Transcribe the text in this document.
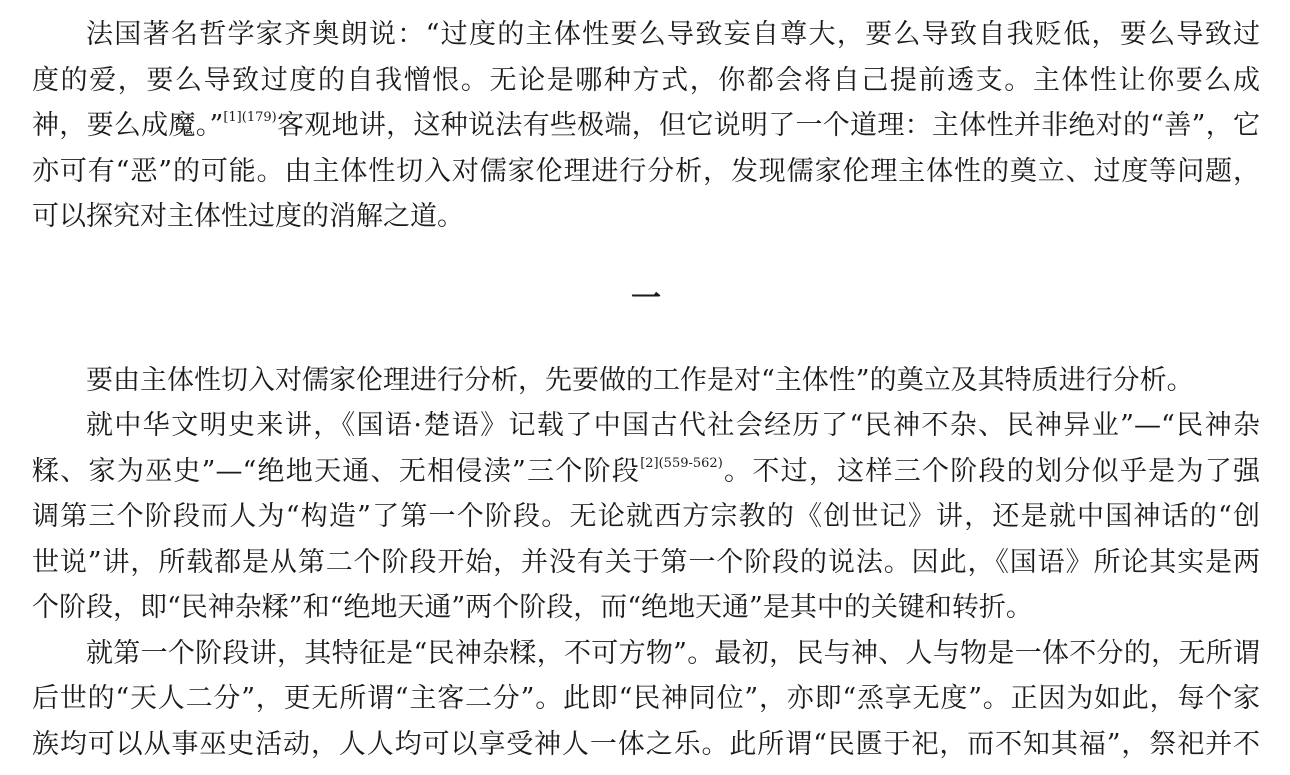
法国著名哲学家齐奥朗说：“过度的主体性要么导致妄自尊大，要么导致自我贬低，要么导致过
度的爱，要么导致过度的自我憎恨。无论是哪种方式，你都会将自己提前透支。主体性让你要么成
神，要么成魔。”$^{[1](179)}$客观地讲，这种说法有些极端，但它说明了一个道理：主体性并非绝对的“善”，它
亦可有“恶”的可能。由主体性切入对儒家伦理进行分析，发现儒家伦理主体性的奠立、过度等问题，
可以探究对主体性过度的消解之道。
一
要由主体性切入对儒家伦理进行分析，先要做的工作是对“主体性”的奠立及其特质进行分析。
就中华文明史来讲，《国语·楚语》记载了中国古代社会经历了“民神不杂、民神异业”—“民神杂
糅、家为巫史”—“绝地天通、无相侵渎”三个阶段$^{[2](559-562)}$。不过，这样三个阶段的划分似乎是为了强
调第三个阶段而人为“构造”了第一个阶段。无论就西方宗教的《创世记》讲，还是就中国神话的“创
世说”讲，所载都是从第二个阶段开始，并没有关于第一个阶段的说法。因此，《国语》所论其实是两
个阶段，即“民神杂糅”和“绝地天通”两个阶段，而“绝地天通”是其中的关键和转折。
就第一个阶段讲，其特征是“民神杂糅，不可方物”。最初，民与神、人与物是一体不分的，无所谓
后世的“天人二分”，更无所谓“主客二分”。此即“民神同位”，亦即“烝享无度”。正因为如此，每个家
族均可以从事巫史活动，人人均可以享受神人一体之乐。此所谓“民匮于祀，而不知其福”，祭祀并不
